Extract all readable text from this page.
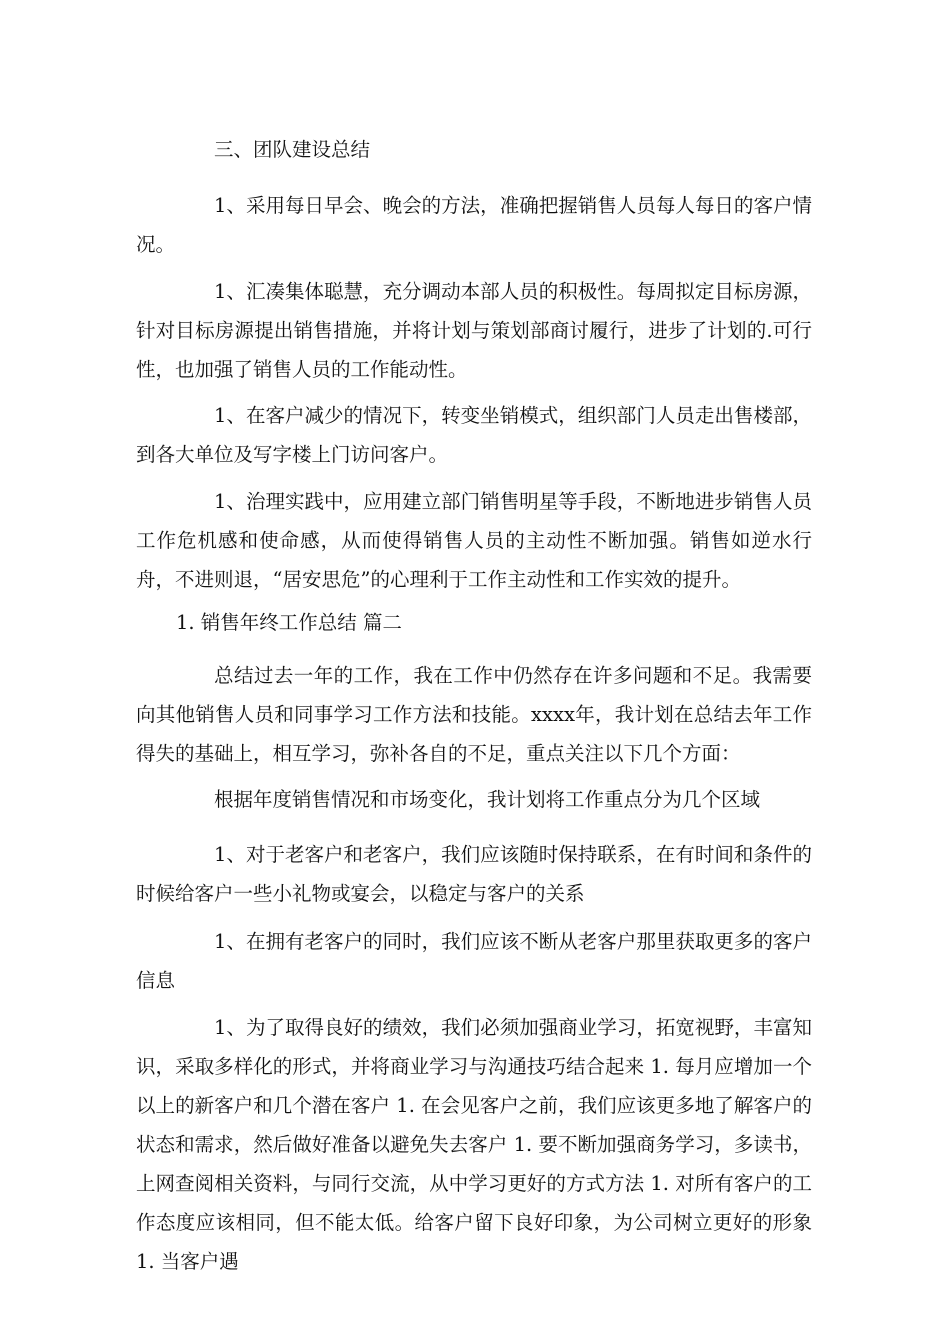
三、团队建设总结

1、采用每日早会、晚会的方法，准确把握销售人员每人每日的客户情况。

1、汇凑集体聪慧，充分调动本部人员的积极性。每周拟定目标房源，针对目标房源提出销售措施，并将计划与策划部商讨履行，进步了计划的.可行性，也加强了销售人员的工作能动性。

1、在客户减少的情况下，转变坐销模式，组织部门人员走出售楼部，到各大单位及写字楼上门访问客户。

1、治理实践中，应用建立部门销售明星等手段，不断地进步销售人员工作危机感和使命感，从而使得销售人员的主动性不断加强。销售如逆水行舟，不进则退，“居安思危”的心理利于工作主动性和工作实效的提升。

1. 销售年终工作总结 篇二

总结过去一年的工作，我在工作中仍然存在许多问题和不足。我需要向其他销售人员和同事学习工作方法和技能。xxxx年，我计划在总结去年工作得失的基础上，相互学习，弥补各自的不足，重点关注以下几个方面：

根据年度销售情况和市场变化，我计划将工作重点分为几个区域

1、对于老客户和老客户，我们应该随时保持联系，在有时间和条件的时候给客户一些小礼物或宴会，以稳定与客户的关系

1、在拥有老客户的同时，我们应该不断从老客户那里获取更多的客户信息

1、为了取得良好的绩效，我们必须加强商业学习，拓宽视野，丰富知识，采取多样化的形式，并将商业学习与沟通技巧结合起来 1. 每月应增加一个以上的新客户和几个潜在客户 1. 在会见客户之前，我们应该更多地了解客户的状态和需求，然后做好准备以避免失去客户 1. 要不断加强商务学习，多读书，上网查阅相关资料，与同行交流，从中学习更好的方式方法 1. 对所有客户的工作态度应该相同，但不能太低。给客户留下良好印象，为公司树立更好的形象 1. 当客户遇
